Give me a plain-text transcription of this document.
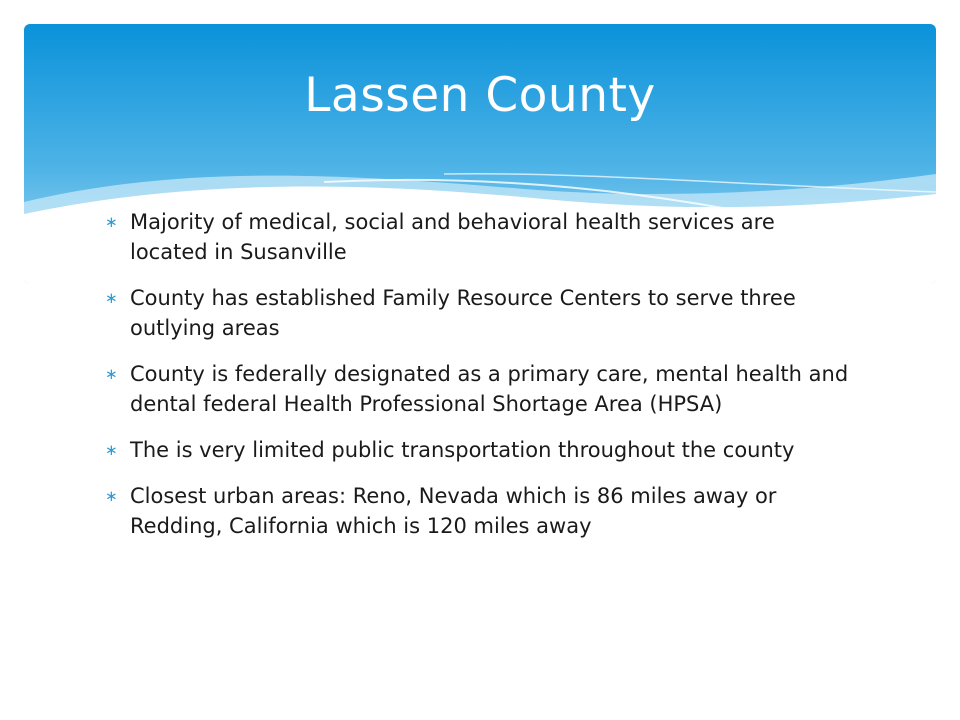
Lassen County
∗ Majority of medical, social and behavioral health services are located in Susanville
∗ County has established Family Resource Centers to serve three outlying areas
∗ County is federally designated as a primary care, mental health and dental federal Health Professional Shortage Area (HPSA)
∗ The is very limited public transportation throughout the county
∗ Closest urban areas: Reno, Nevada which is 86 miles away or Redding, California which is 120 miles away
